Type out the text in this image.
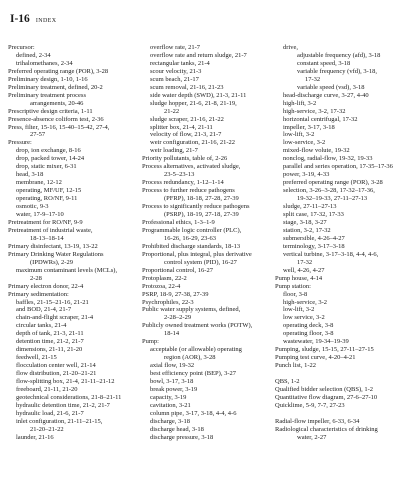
I-16 INDEX
Precursor:
defined, 2-34
trihalomethanes, 2-34
Preferred operating range (POR), 3-28
Preliminary design, 1-10, 1-16
Preliminary treatment, defined, 20-2
Preliminary treatment process
arrangements, 20-46
Prescriptive design criteria, 1-11
Presence-absence coliform test, 2-36
Press, filter, 15-16, 15-40–15-42, 27-4,
27-57
Pressure:
drop, ion exchange, 8-16
drop, packed tower, 14-24
drop, static mixer, 6-31
head, 3-18
membrane, 12-12
operating, MF/UF, 12-15
operating, RO/NF, 9-11
osmotic, 9-3
water, 17-9–17-10
Pretreatment for RO/NF, 9-9
Pretreatment of industrial waste,
18-13–18-14
Primary disinfectant, 13-19, 13-22
Primary Drinking Water Regulations
(IPDWRs), 2-29
maximum contaminant levels (MCLs),
2-28
Primary electron donor, 22-4
Primary sedimentation:
baffles, 21-15–21-16, 21-21
and BOD, 21-4, 21-7
chain-and-flight scraper, 21-4
circular tanks, 21-4
depth of tank, 21-3, 21-11
detention time, 21-2, 21-7
dimensions, 21-11, 21-20
feedwell, 21-15
flocculation center well, 21-14
flow distribution, 21-20–21-21
flow-splitting box, 21-4, 21-11–21-12
freeboard, 21-11, 21-20
geotechnical considerations, 21-8–21-11
hydraulic detention time, 21-2, 21-7
hydraulic load, 21-6, 21-7
inlet configuration, 21-11–21-15,
21-20–21-22
launder, 21-16
overflow rate, 21-7
overflow rate and return sludge, 21-7
rectangular tanks, 21-4
scour velocity, 21-3
scum beach, 21-17
scum removal, 21-16, 21-23
side water depth (SWD), 21-3, 21-11
sludge hopper, 21-6, 21-8, 21-19,
21-22
sludge scraper, 21-16, 21-22
splitter box, 21-4, 21-11
velocity of flow, 21-3, 21-7
weir configuration, 21-16, 21-22
weir loading, 21-7
Priority pollutants, table of, 2-26
Process alternatives, activated sludge,
23-5–23-13
Process redundancy, 1-12–1-14
Process to further reduce pathogens
(PFRP), 18-18, 27-28, 27-39
Process to significantly reduce pathogens
(PSRP), 18-19, 27-18, 27-39
Professional ethics, 1-3–1-9
Programmable logic controller (PLC),
16-26, 16-29, 23-63
Prohibited discharge standards, 18-13
Proportional, plus integral, plus derivative
control system (PID), 16-27
Proportional control, 16-27
Protoplasm, 22-2
Protozoa, 22-4
PSRP, 18-9, 27-38, 27-39
Psychrophiles, 22-3
Public water supply systems, defined,
2-28–2-29
Publicly owned treatment works (POTW),
18-14
Pump:
acceptable (or allowable) operating
region (AOR), 3-28
axial flow, 19-32
best efficiency point (BEP), 3-27
bowl, 3-17, 3-18
break power, 3-19
capacity, 3-19
cavitation, 3-21
column pipe, 3-17, 3-18, 4-4, 4-6
discharge, 3-18
discharge head, 3-18
discharge pressure, 3-18
drive,
adjustable frequency (afd), 3-18
constant speed, 3-18
variable frequency (vfd), 3-18,
17-32
variable speed (vsd), 3-18
head-discharge curve, 3-27, 4-40
high-lift, 3-2
high-service, 3-2, 17-32
horizontal centrifugal, 17-32
impeller, 3-17, 3-18
low-lift, 3-2
low-service, 3-2
mixed-flow volute, 19-32
nonclog, radial-flow, 19-32, 19-33
parallel and series operation, 17-35–17-36
power, 3-19, 4-33
preferred operating range (POR), 3-28
selection, 3-26–3-28, 17-32–17-36,
19-32–19-33, 27-11–27-13
sludge, 27-11–27-13
split case, 17-32, 17-33
stage, 3-18, 3-27
station, 3-2, 17-32
submersible, 4-26–4-27
terminology, 3-17–3-18
vertical turbine, 3-17–3-18, 4-4, 4-6,
17-32
well, 4-26, 4-27
Pump house, 4-14
Pump station:
floor, 3-8
high-service, 3-2
low-lift, 3-2
low service, 3-2
operating deck, 3-8
operating floor, 3-8
wastewater, 19-34–19-39
Pumping, sludge, 15-15, 27-11–27-15
Pumping test curve, 4-20–4-21
Punch list, 1-22
QBS, 1-2
Qualified bidder selection (QBS), 1-2
Quantitative flow diagram, 27-6–27-10
Quicklime, 5-9, 7-7, 27-23
Radial-flow impeller, 6-33, 6-34
Radiological characteristics of drinking
water, 2-27
